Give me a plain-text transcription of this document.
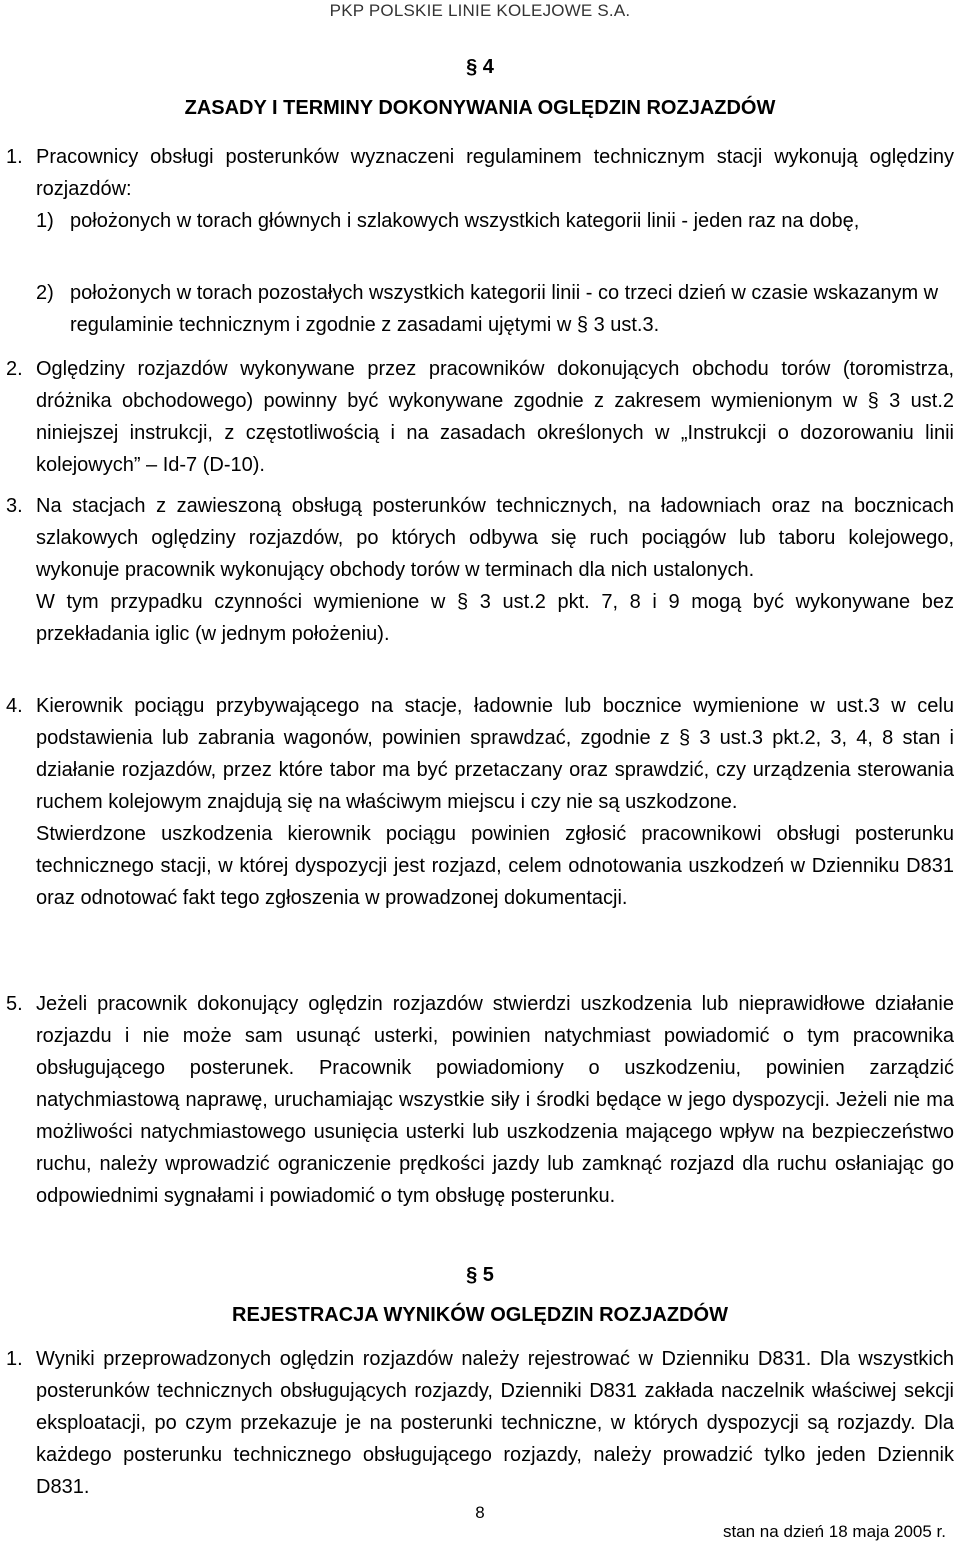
PKP POLSKIE LINIE KOLEJOWE S.A.
§ 4
ZASADY I TERMINY DOKONYWANIA OGLĘDZIN ROZJAZDÓW
1. Pracownicy obsługi posterunków wyznaczeni regulaminem technicznym stacji wykonują oględziny rozjazdów:

1) położonych w torach głównych i szlakowych wszystkich kategorii linii - jeden raz na dobę,
2) położonych w torach pozostałych wszystkich kategorii linii - co trzeci dzień w czasie wskazanym w regulaminie technicznym i zgodnie z zasadami ujętymi w § 3 ust.3.
2. Oględziny rozjazdów wykonywane przez pracowników dokonujących obchodu torów (toromistrza, dróżnika obchodowego) powinny być wykonywane zgodnie z zakresem wymienionym w § 3 ust.2 niniejszej instrukcji, z częstotliwością i na zasadach określonych w „Instrukcji o dozorowaniu linii kolejowych” – Id-7 (D-10).

3. Na stacjach z zawieszoną obsługą posterunków technicznych, na ładowniach oraz na bocznicach szlakowych oględziny rozjazdów, po których odbywa się ruch pociągów lub taboru kolejowego, wykonuje pracownik wykonujący obchody torów w terminach dla nich ustalonych.

W tym przypadku czynności wymienione w § 3 ust.2 pkt. 7, 8 i 9 mogą być wykonywane bez przekładania iglic (w jednym położeniu).

4. Kierownik pociągu przybywającego na stacje, ładownie lub bocznice wymienione w ust.3 w celu podstawienia lub zabrania wagonów, powinien sprawdzać, zgodnie z § 3 ust.3 pkt.2, 3, 4, 8 stan i działanie rozjazdów, przez które tabor ma być przetaczany oraz sprawdzić, czy urządzenia sterowania ruchem kolejowym znajdują się na właściwym miejscu i czy nie są uszkodzone.

Stwierdzone uszkodzenia kierownik pociągu powinien zgłosić pracownikowi obsługi posterunku technicznego stacji, w której dyspozycji jest rozjazd, celem odnotowania uszkodzeń w Dzienniku D831 oraz odnotować fakt tego zgłoszenia w prowadzonej dokumentacji.

5. Jeżeli pracownik dokonujący oględzin rozjazdów stwierdzi uszkodzenia lub nieprawidłowe działanie rozjazdu i nie może sam usunąć usterki, powinien natychmiast powiadomić o tym pracownika obsługującego posterunek. Pracownik powiadomiony o uszkodzeniu, powinien zarządzić natychmiastową naprawę, uruchamiając wszystkie siły i środki będące w jego dyspozycji. Jeżeli nie ma możliwości natychmiastowego usunięcia usterki lub uszkodzenia mającego wpływ na bezpieczeństwo ruchu, należy wprowadzić ograniczenie prędkości jazdy lub zamknąć rozjazd dla ruchu osłaniając go odpowiednimi sygnałami i powiadomić o tym obsługę posterunku.

§ 5
REJESTRACJA WYNIKÓW OGLĘDZIN ROZJAZDÓW
1. Wyniki przeprowadzonych oględzin rozjazdów należy rejestrować w Dzienniku D831. Dla wszystkich posterunków technicznych obsługujących rozjazdy, Dzienniki D831 zakłada naczelnik właściwej sekcji eksploatacji, po czym przekazuje je na posterunki techniczne, w których dyspozycji są rozjazdy. Dla każdego posterunku technicznego obsługującego rozjazdy, należy prowadzić tylko jeden Dziennik D831.

8
stan na dzień 18 maja 2005 r.
